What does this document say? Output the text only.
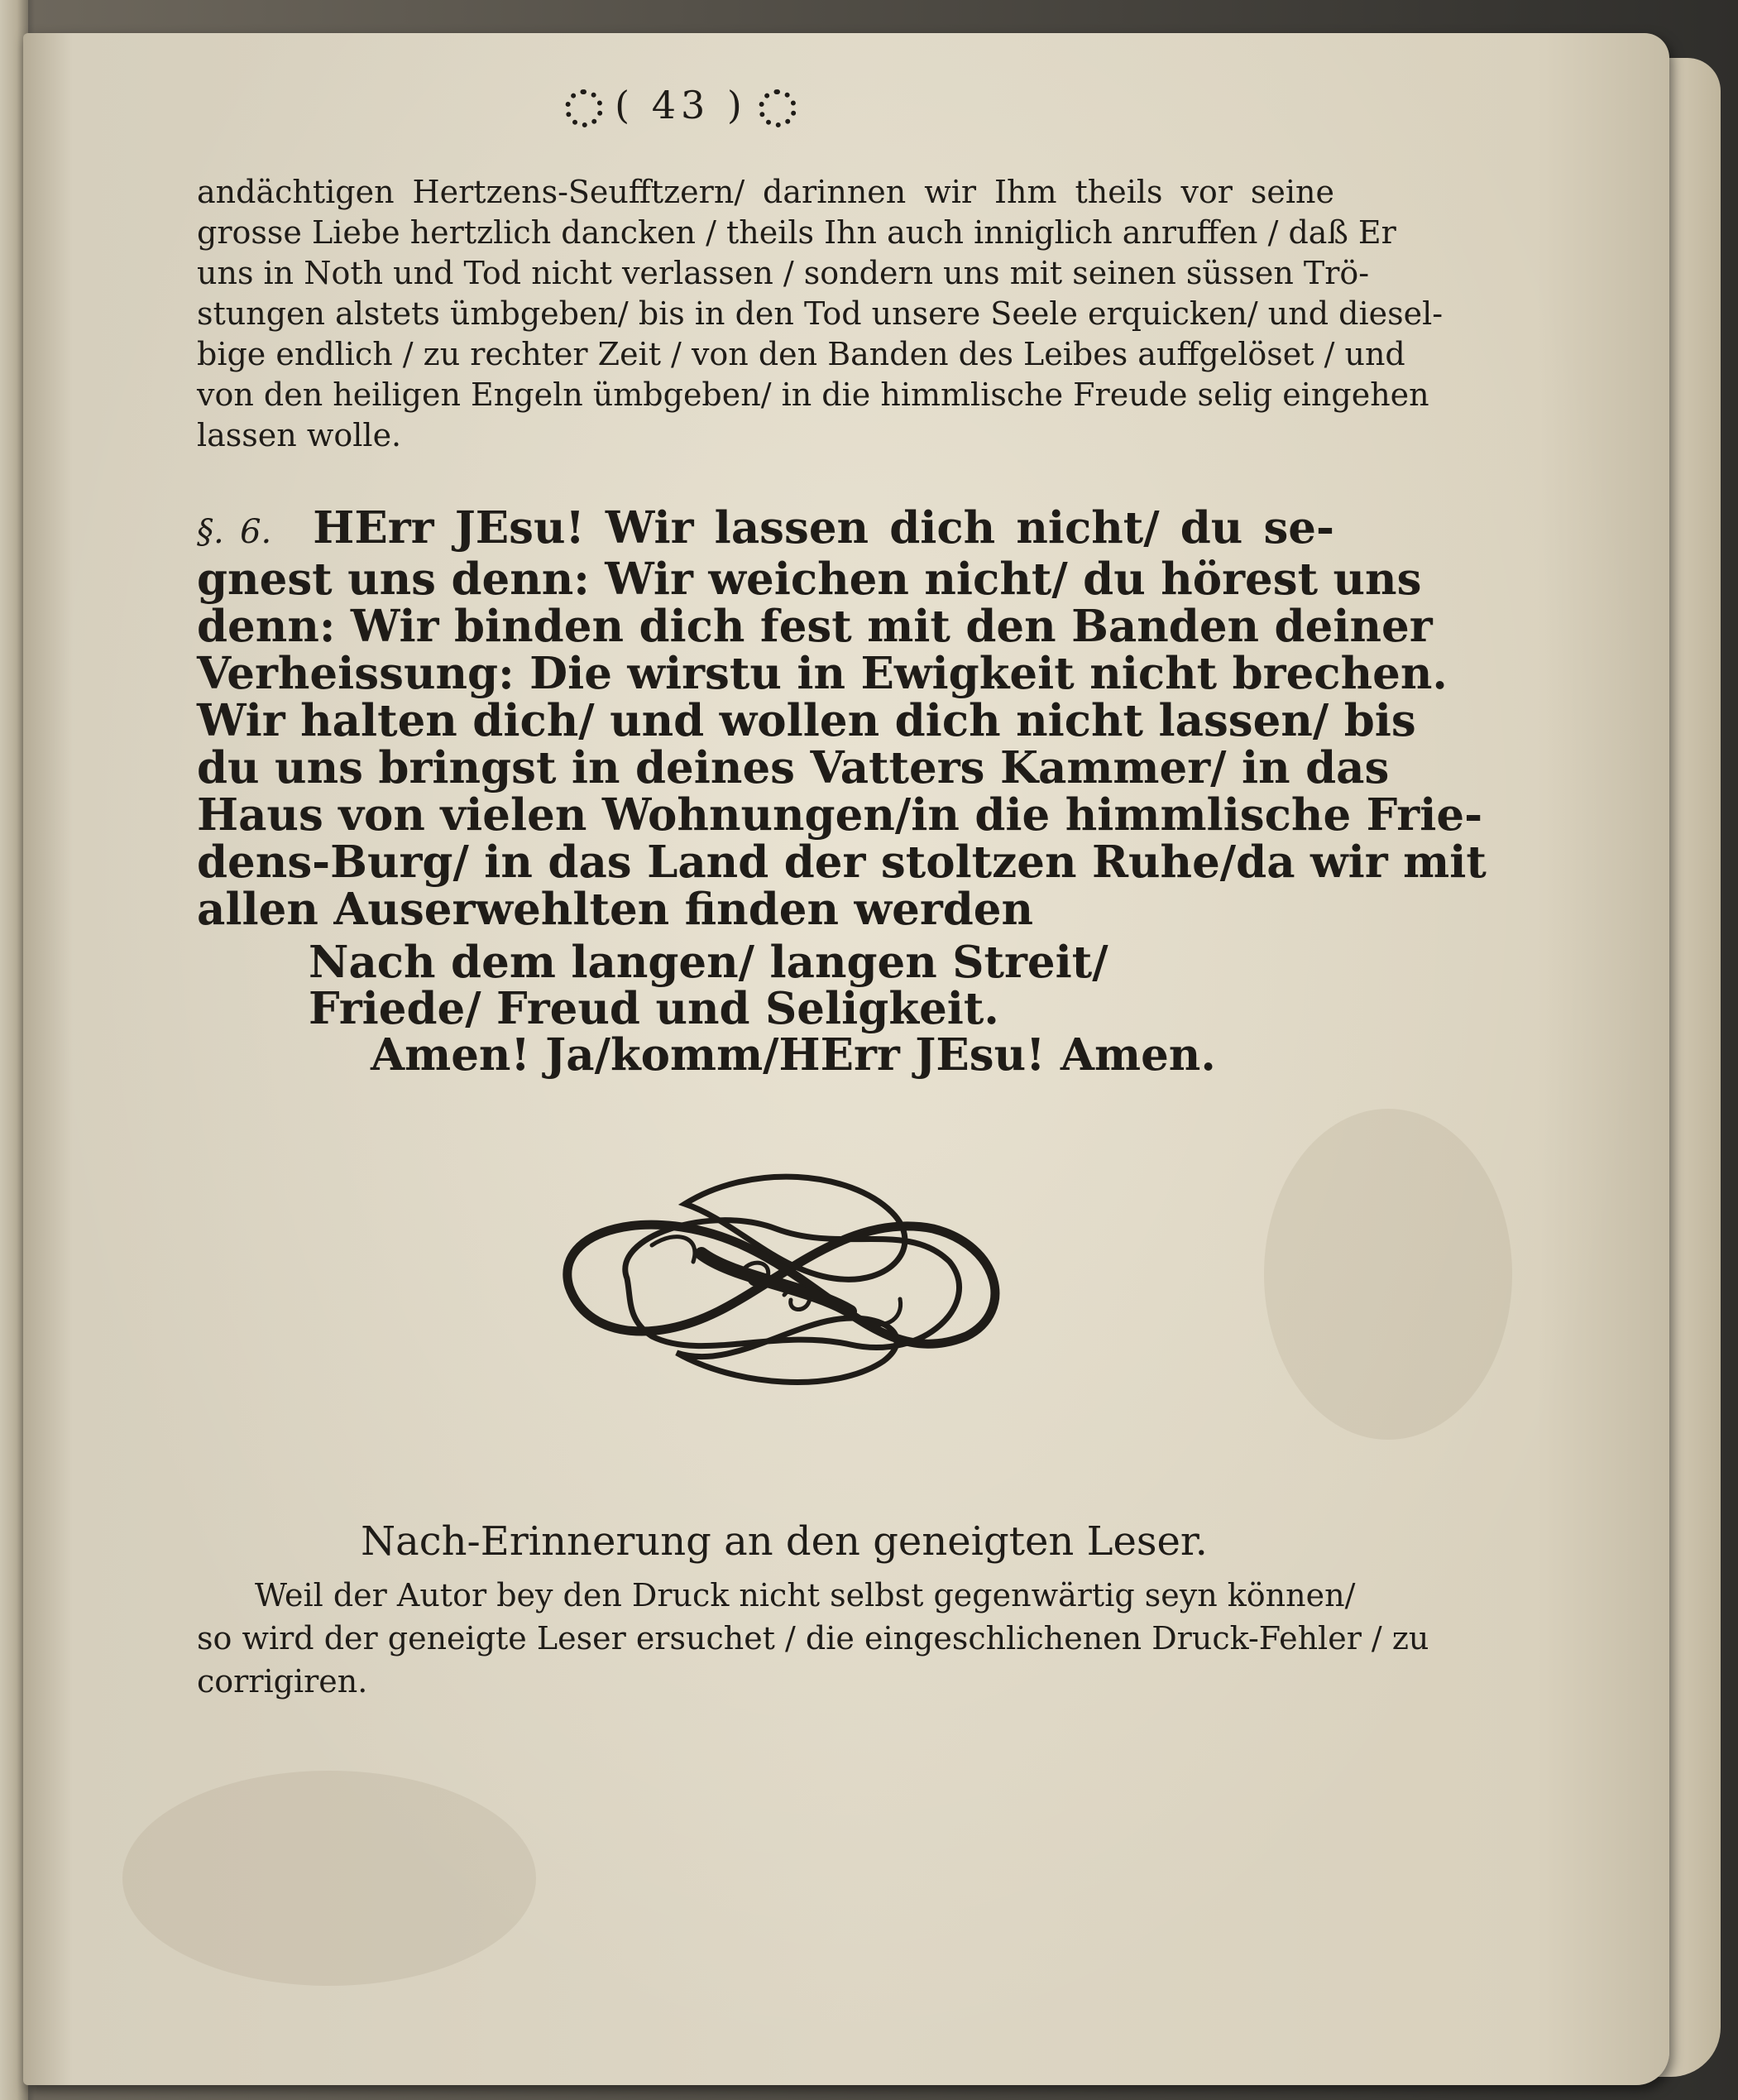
( 43 )
andächtigen Hertzens-Seufftzern/ darinnen wir Ihm theils vor seine
grosse Liebe hertzlich dancken / theils Ihn auch inniglich anruffen / daß Er
uns in Noth und Tod nicht verlassen / sondern uns mit seinen süssen Trö-
stungen alstets ümbgeben/ bis in den Tod unsere Seele erquicken/ und diesel-
bige endlich / zu rechter Zeit / von den Banden des Leibes auffgelöset / und
von den heiligen Engeln ümbgeben/ in die himmlische Freude selig eingehen
lassen wolle.
§. 6. HErr JEsu! Wir lassen dich nicht/ du se-
gnest uns denn: Wir weichen nicht/ du hörest uns
denn: Wir binden dich fest mit den Banden deiner
Verheissung: Die wirstu in Ewigkeit nicht brechen.
Wir halten dich/ und wollen dich nicht lassen/ bis
du uns bringst in deines Vatters Kammer/ in das
Haus von vielen Wohnungen/in die himmlische Frie-
dens-Burg/ in das Land der stoltzen Ruhe/da wir mit
allen Auserwehlten finden werden
Nach dem langen/ langen Streit/
Friede/ Freud und Seligkeit.
Amen! Ja/komm/HErr JEsu! Amen.
Nach-Erinnerung an den geneigten Leser.
Weil der Autor bey den Druck nicht selbst gegenwärtig seyn können/
so wird der geneigte Leser ersuchet / die eingeschlichenen Druck-Fehler / zu
corrigiren.
